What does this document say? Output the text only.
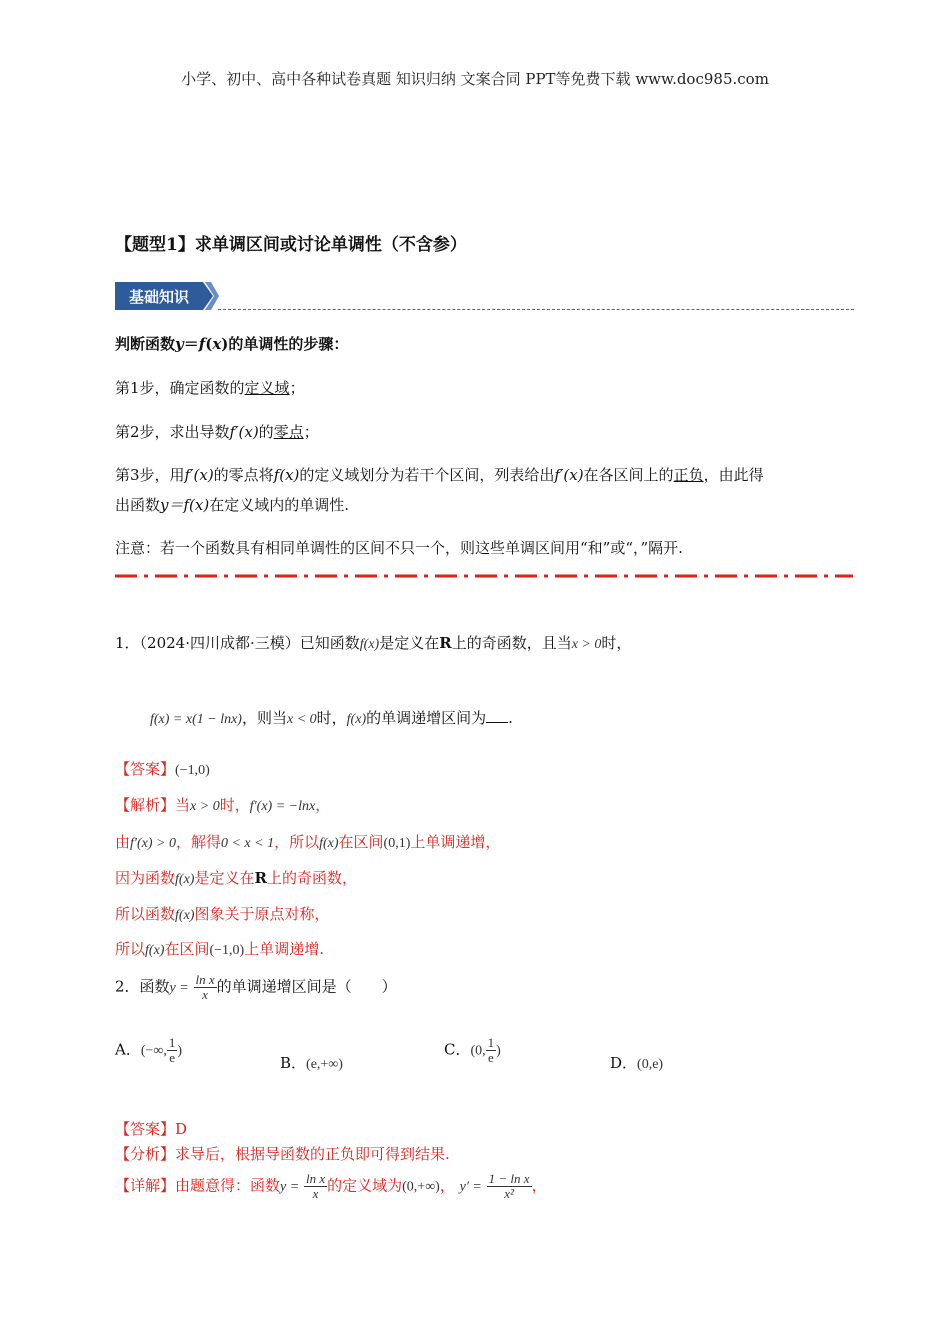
小学、初中、高中各种试卷真题 知识归纳 文案合同 PPT等免费下载 www.doc985.com
【题型1】求单调区间或讨论单调性（不含参）
基础知识
判断函数y＝f(x)的单调性的步骤：
第1步，确定函数的定义域；
第2步，求出导数f′(x)的零点；
第3步，用f′(x)的零点将f(x)的定义域划分为若干个区间，列表给出f′(x)在各区间上的正负，由此得
出函数y＝f(x)在定义域内的单调性.
注意：若一个函数具有相同单调性的区间不只一个，则这些单调区间用“和”或“，”隔开.
1．（2024·四川成都·三模）已知函数f(x)是定义在R上的奇函数，且当x > 0时，
f(x) = x(1 − lnx)，则当x < 0时，f(x)的单调递增区间为 .
【答案】(−1,0)
【解析】当x > 0时，f′(x) = −lnx，
由f′(x) > 0，解得0 < x < 1，所以f(x)在区间(0,1)上单调递增，
因为函数f(x)是定义在R上的奇函数，
所以函数f(x)图象关于原点对称，
所以f(x)在区间(−1,0)上单调递增.
2．函数$y = \frac{\text{ln x}}{x}$ 的单调递增区间是（　　）
A．(−∞, $\frac{1}{e}$ )
B．(e,+∞)
C．(0, $\frac{1}{e}$ )
D．(0,e)
【答案】D
【分析】求导后，根据导函数的正负即可得到结果.
【详解】由题意得：函数$y = \frac{\text{ln x}}{x}$ 的定义域为(0,+∞)， $y' = \frac{\text{1 − ln x}}{\text{x²}}$ ，
